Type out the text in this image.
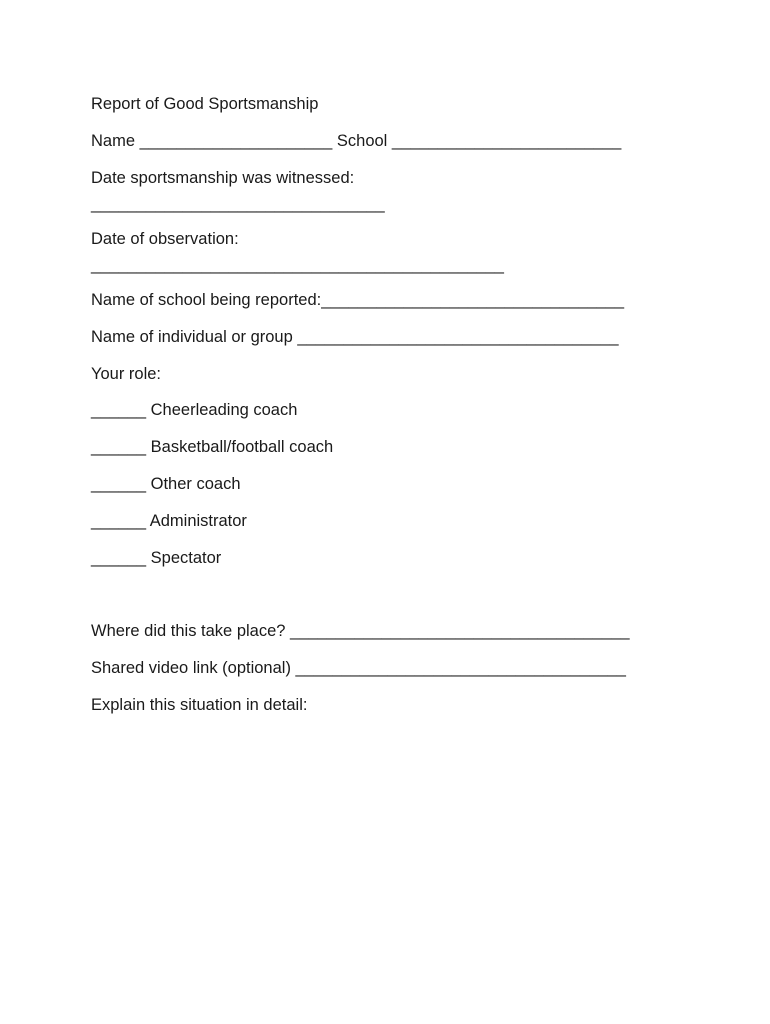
Report of Good Sportsmanship
Name _____________________ School _________________________
Date sportsmanship was witnessed:
________________________________
Date of observation:
_____________________________________________
Name of school being reported:_________________________________
Name of individual or group ___________________________________
Your role:
______ Cheerleading coach
______ Basketball/football coach
______ Other coach
______ Administrator
______ Spectator
Where did this take place? _____________________________________
Shared video link (optional) ____________________________________
Explain this situation in detail:
